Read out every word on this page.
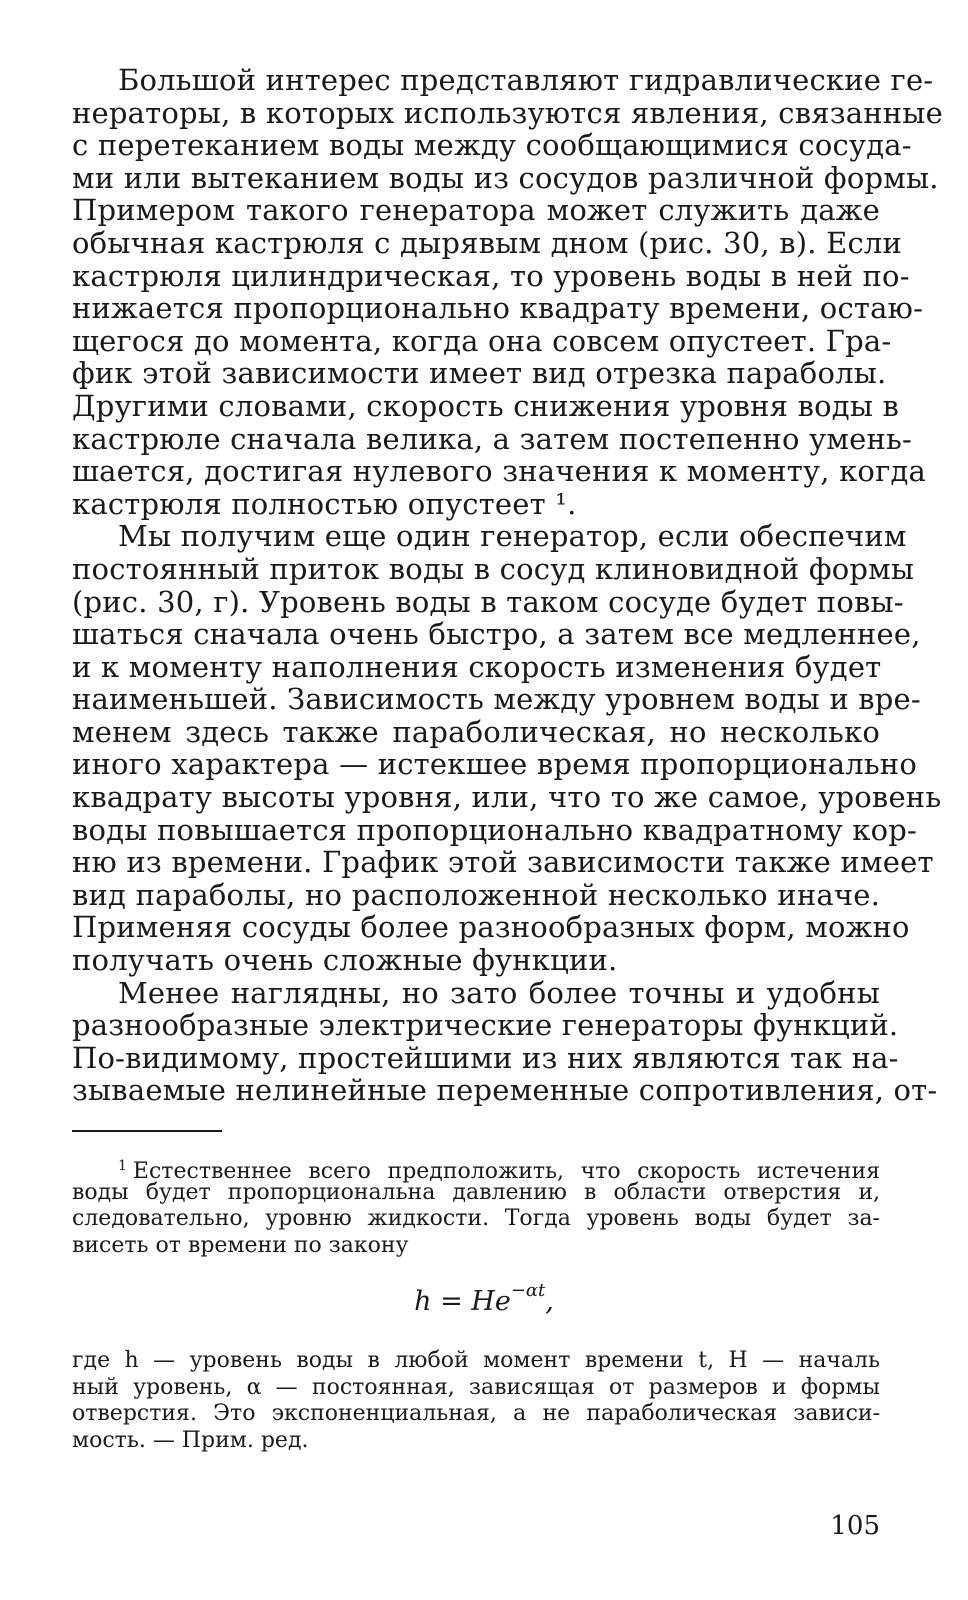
Большой интерес представляют гидравлические ге-
нераторы, в которых используются явления, связанные
с перетеканием воды между сообщающимися сосуда-
ми или вытеканием воды из сосудов различной формы.
Примером такого генератора может служить даже
обычная кастрюля с дырявым дном (рис. 30, в). Если
кастрюля цилиндрическая, то уровень воды в ней по-
нижается пропорционально квадрату времени, остаю-
щегося до момента, когда она совсем опустеет. Гра-
фик этой зависимости имеет вид отрезка параболы.
Другими словами, скорость снижения уровня воды в
кастрюле сначала велика, а затем постепенно умень-
шается, достигая нулевого значения к моменту, когда
кастрюля полностью опустеет ¹.
Мы получим еще один генератор, если обеспечим
постоянный приток воды в сосуд клиновидной формы
(рис. 30, г). Уровень воды в таком сосуде будет повы-
шаться сначала очень быстро, а затем все медленнее,
и к моменту наполнения скорость изменения будет
наименьшей. Зависимость между уровнем воды и вре-
менем здесь также параболическая, но несколько
иного характера — истекшее время пропорционально
квадрату высоты уровня, или, что то же самое, уровень
воды повышается пропорционально квадратному кор-
ню из времени. График этой зависимости также имеет
вид параболы, но расположенной несколько иначе.
Применяя сосуды более разнообразных форм, можно
получать очень сложные функции.
Менее наглядны, но зато более точны и удобны
разнообразные электрические генераторы функций.
По-видимому, простейшими из них являются так на-
зываемые нелинейные переменные сопротивления, от-
$^1$ Естественнее всего предположить, что скорость истечения
воды будет пропорциональна давлению в области отверстия и,
следовательно, уровню жидкости. Тогда уровень воды будет за-
висеть от времени по закону
$h = He^{-\alpha t}$,
где h — уровень воды в любой момент времени t, H — началь
ный уровень, α — постоянная, зависящая от размеров и формы
отверстия. Это экспоненциальная, а не параболическая зависи-
мость. — Прим. ред.
105
